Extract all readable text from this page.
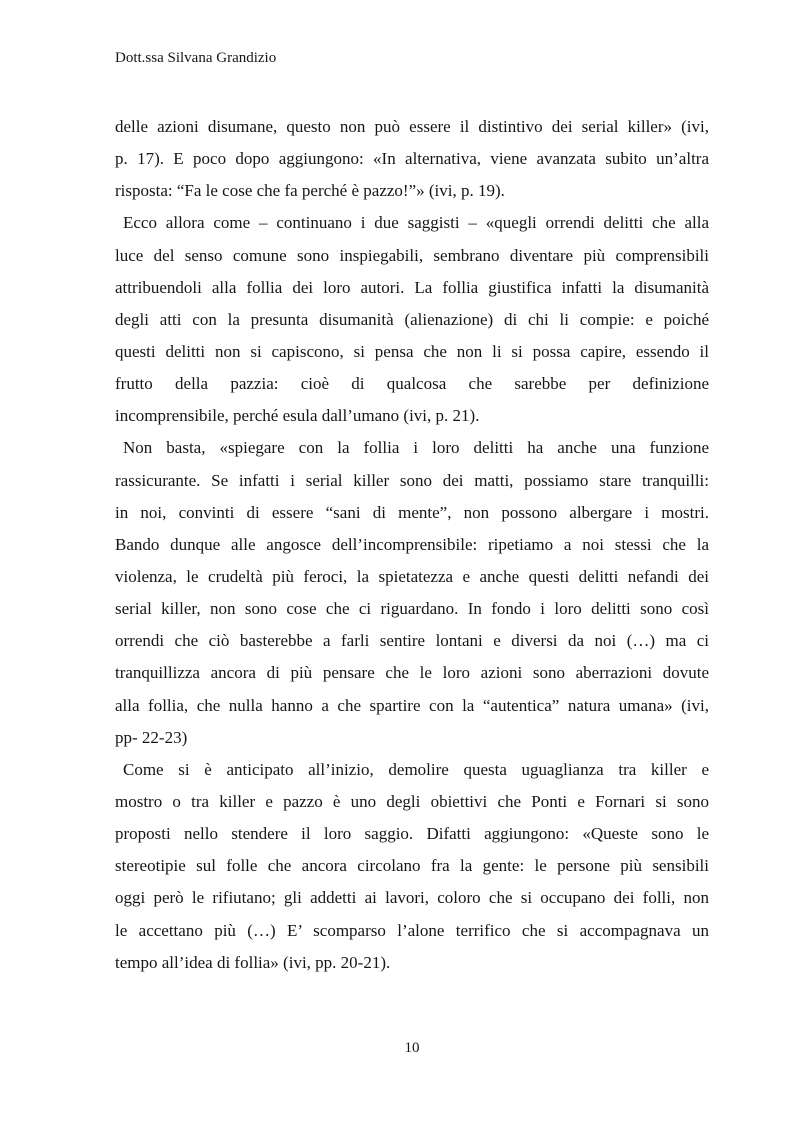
Dott.ssa Silvana Grandizio
delle azioni disumane, questo non può essere il distintivo dei serial killer» (ivi,
p. 17). E poco dopo aggiungono: «In alternativa, viene avanzata subito un’altra
risposta: “Fa le cose che fa perché è pazzo!”» (ivi, p. 19).
Ecco allora come – continuano i due saggisti – «quegli orrendi delitti che alla
luce del senso comune sono inspiegabili, sembrano diventare più comprensibili
attribuendoli alla follia dei loro autori. La follia giustifica infatti la disumanità
degli atti con la presunta disumanità (alienazione) di chi li compie: e poiché
questi delitti non si capiscono, si pensa che non li si possa capire, essendo il
frutto della pazzia: cioè di qualcosa che sarebbe per definizione
incomprensibile, perché esula dall’umano (ivi, p. 21).
Non basta, «spiegare con la follia i loro delitti ha anche una funzione
rassicurante. Se infatti i serial killer sono dei matti, possiamo stare tranquilli:
in noi, convinti di essere “sani di mente”, non possono albergare i mostri.
Bando dunque alle angosce dell’incomprensibile: ripetiamo a noi stessi che la
violenza, le crudeltà più feroci, la spietatezza e anche questi delitti nefandi dei
serial killer, non sono cose che ci riguardano. In fondo i loro delitti sono così
orrendi che ciò basterebbe a farli sentire lontani e diversi da noi (…) ma ci
tranquillizza ancora di più pensare che le loro azioni sono aberrazioni dovute
alla follia, che nulla hanno a che spartire con la “autentica” natura umana» (ivi,
pp- 22-23)
Come si è anticipato all’inizio, demolire questa uguaglianza tra killer e
mostro o tra killer e pazzo è uno degli obiettivi che Ponti e Fornari si sono
proposti nello stendere il loro saggio. Difatti aggiungono: «Queste sono le
stereotipie sul folle che ancora circolano fra la gente: le persone più sensibili
oggi però le rifiutano; gli addetti ai lavori, coloro che si occupano dei folli, non
le accettano più (…) E’ scomparso l’alone terrifico che si accompagnava un
tempo all’idea di follia» (ivi, pp. 20-21).
10
